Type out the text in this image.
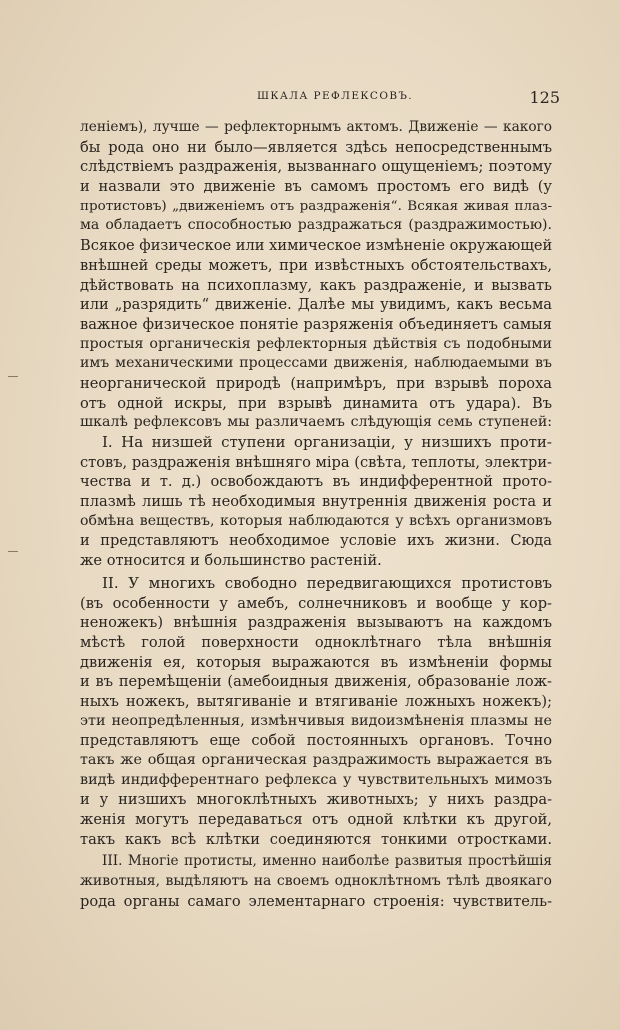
ШКАЛА РЕФЛЕКСОВЪ.	125
леніемъ), лучше — рефлекторнымъ актомъ. Движеніе — какого
бы рода оно ни было—является здѣсь непосредственнымъ
слѣдствіемъ раздраженія, вызваннаго ощущеніемъ; поэтому
и назвали это движеніе въ самомъ простомъ его видѣ (у
протистовъ) „движеніемъ отъ раздраженія“. Всякая живая плаз-
ма обладаетъ способностью раздражаться (раздражимостью).
Всякое физическое или химическое измѣненіе окружающей
внѣшней среды можетъ, при извѣстныхъ обстоятельствахъ,
дѣйствовать на психоплазму, какъ раздраженіе, и вызвать
или „разрядить“ движеніе. Далѣе мы увидимъ, какъ весьма
важное физическое понятіе разряженія объединяетъ самыя
простыя органическія рефлекторныя дѣйствія съ подобными
имъ механическими процессами движенія, наблюдаемыми въ
неорганической природѣ (напримѣръ, при взрывѣ пороха
отъ одной искры, при взрывѣ динамита отъ удара). Въ
шкалѣ рефлексовъ мы различаемъ слѣдующія семь ступеней:
I. На низшей ступени организаціи, у низшихъ проти-
стовъ, раздраженія внѣшняго міра (свѣта, теплоты, электри-
чества и т. д.) освобождаютъ въ индифферентной прото-
плазмѣ лишь тѣ необходимыя внутреннія движенія роста и
обмѣна веществъ, которыя наблюдаются у всѣхъ организмовъ
и представляютъ необходимое условіе ихъ жизни. Сюда
же относится и большинство растеній.
II. У многихъ свободно передвигающихся протистовъ
(въ особенности у амебъ, солнечниковъ и вообще у кор-
неножекъ) внѣшнія раздраженія вызываютъ на каждомъ
мѣстѣ голой поверхности одноклѣтнаго тѣла внѣшнія
движенія ея, которыя выражаются въ измѣненіи формы
и въ перемѣщеніи (амебоидныя движенія, образованіе лож-
ныхъ ножекъ, вытягиваніе и втягиваніе ложныхъ ножекъ);
эти неопредѣленныя, измѣнчивыя видоизмѣненія плазмы не
представляютъ еще собой постоянныхъ органовъ. Точно
такъ же общая органическая раздражимость выражается въ
видѣ индифферентнаго рефлекса у чувствительныхъ мимозъ
и у низшихъ многоклѣтныхъ животныхъ; у нихъ раздра-
женія могутъ передаваться отъ одной клѣтки къ другой,
такъ какъ всѣ клѣтки соединяются тонкими отростками.
III. Многіе протисты, именно наиболѣе развитыя простѣйшія
животныя, выдѣляютъ на своемъ одноклѣтномъ тѣлѣ двоякаго
рода органы самаго элементарнаго строенія: чувствитель-
